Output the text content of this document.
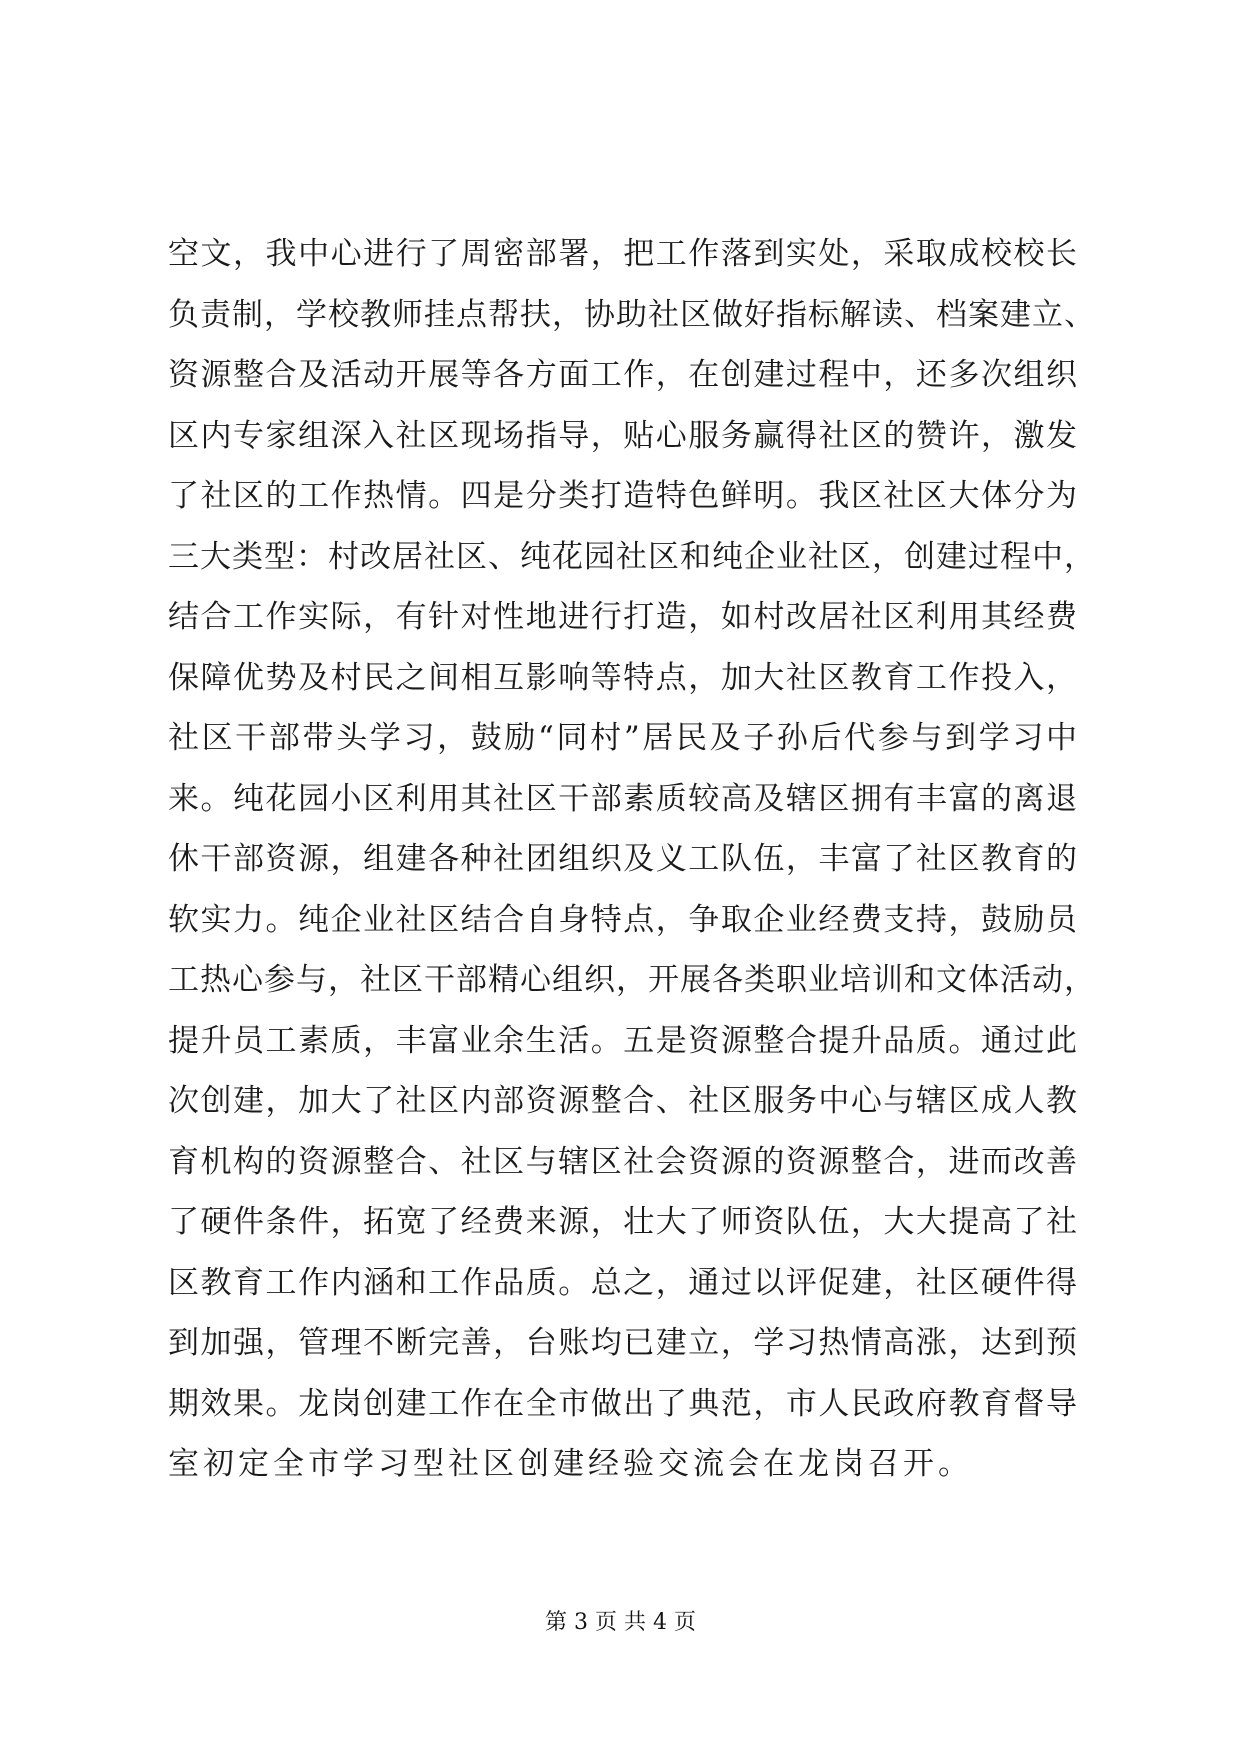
空文，我中心进行了周密部署，把工作落到实处，采取成校校长
负责制，学校教师挂点帮扶，协助社区做好指标解读、档案建立、
资源整合及活动开展等各方面工作，在创建过程中，还多次组织
区内专家组深入社区现场指导，贴心服务赢得社区的赞许，激发
了社区的工作热情。四是分类打造特色鲜明。我区社区大体分为
三大类型：村改居社区、纯花园社区和纯企业社区，创建过程中，
结合工作实际，有针对性地进行打造，如村改居社区利用其经费
保障优势及村民之间相互影响等特点，加大社区教育工作投入，
社区干部带头学习，鼓励“同村”居民及子孙后代参与到学习中
来。纯花园小区利用其社区干部素质较高及辖区拥有丰富的离退
休干部资源，组建各种社团组织及义工队伍，丰富了社区教育的
软实力。纯企业社区结合自身特点，争取企业经费支持，鼓励员
工热心参与，社区干部精心组织，开展各类职业培训和文体活动，
提升员工素质，丰富业余生活。五是资源整合提升品质。通过此
次创建，加大了社区内部资源整合、社区服务中心与辖区成人教
育机构的资源整合、社区与辖区社会资源的资源整合，进而改善
了硬件条件，拓宽了经费来源，壮大了师资队伍，大大提高了社
区教育工作内涵和工作品质。总之，通过以评促建，社区硬件得
到加强，管理不断完善，台账均已建立，学习热情高涨，达到预
期效果。龙岗创建工作在全市做出了典范，市人民政府教育督导
室初定全市学习型社区创建经验交流会在龙岗召开。
第 3 页 共 4 页
